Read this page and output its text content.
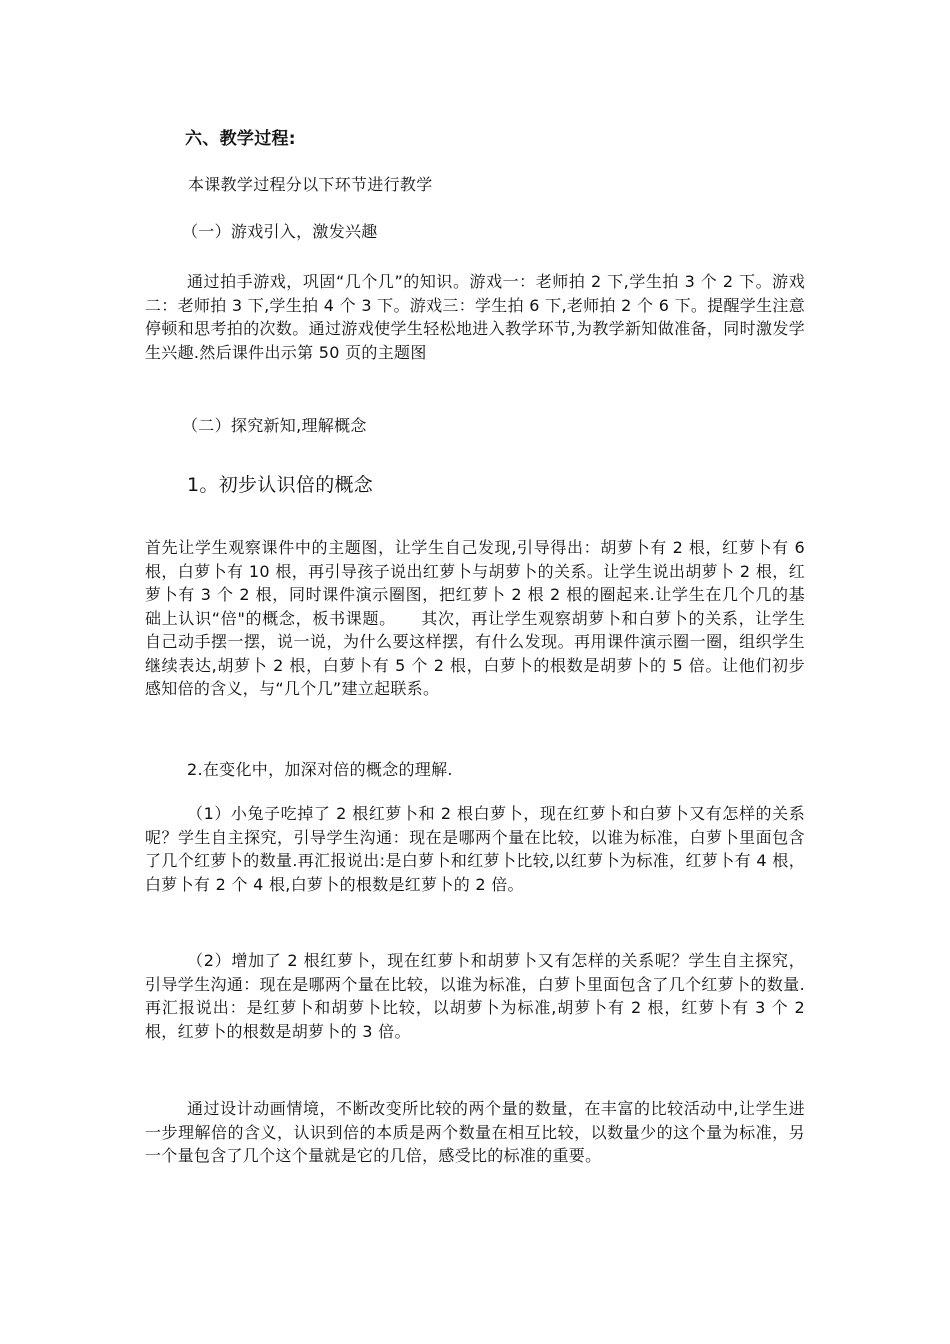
六、教学过程:

本课教学过程分以下环节进行教学

（一）游戏引入，激发兴趣

通过拍手游戏，巩固“几个几”的知识。游戏一：老师拍 2 下,学生拍 3 个 2 下。游戏二：老师拍 3 下,学生拍 4 个 3 下。游戏三：学生拍 6 下,老师拍 2 个 6 下。提醒学生注意停顿和思考拍的次数。通过游戏使学生轻松地进入教学环节,为教学新知做准备，同时激发学生兴趣.然后课件出示第 50 页的主题图

（二）探究新知,理解概念

1。初步认识倍的概念

首先让学生观察课件中的主题图，让学生自己发现,引导得出：胡萝卜有 2 根，红萝卜有 6 根，白萝卜有 10 根，再引导孩子说出红萝卜与胡萝卜的关系。让学生说出胡萝卜 2 根，红萝卜有 3 个 2 根，同时课件演示圈图，把红萝卜 2 根 2 根的圈起来.让学生在几个几的基础上认识“倍"的概念，板书课题。　　其次，再让学生观察胡萝卜和白萝卜的关系，让学生自己动手摆一摆，说一说，为什么要这样摆，有什么发现。再用课件演示圈一圈，组织学生继续表达,胡萝卜 2 根，白萝卜有 5 个 2 根，白萝卜的根数是胡萝卜的 5 倍。让他们初步感知倍的含义，与“几个几”建立起联系。

2.在变化中，加深对倍的概念的理解.

（1）小兔子吃掉了 2 根红萝卜和 2 根白萝卜，现在红萝卜和白萝卜又有怎样的关系呢？学生自主探究，引导学生沟通：现在是哪两个量在比较，以谁为标准，白萝卜里面包含了几个红萝卜的数量.再汇报说出:是白萝卜和红萝卜比较,以红萝卜为标准，红萝卜有 4 根，白萝卜有 2 个 4 根,白萝卜的根数是红萝卜的 2 倍。

（2）增加了 2 根红萝卜，现在红萝卜和胡萝卜又有怎样的关系呢？学生自主探究，引导学生沟通：现在是哪两个量在比较，以谁为标准，白萝卜里面包含了几个红萝卜的数量.再汇报说出：是红萝卜和胡萝卜比较，以胡萝卜为标准,胡萝卜有 2 根，红萝卜有 3 个 2 根，红萝卜的根数是胡萝卜的 3 倍。

通过设计动画情境，不断改变所比较的两个量的数量，在丰富的比较活动中,让学生进一步理解倍的含义，认识到倍的本质是两个数量在相互比较，以数量少的这个量为标准，另一个量包含了几个这个量就是它的几倍，感受比的标准的重要。
